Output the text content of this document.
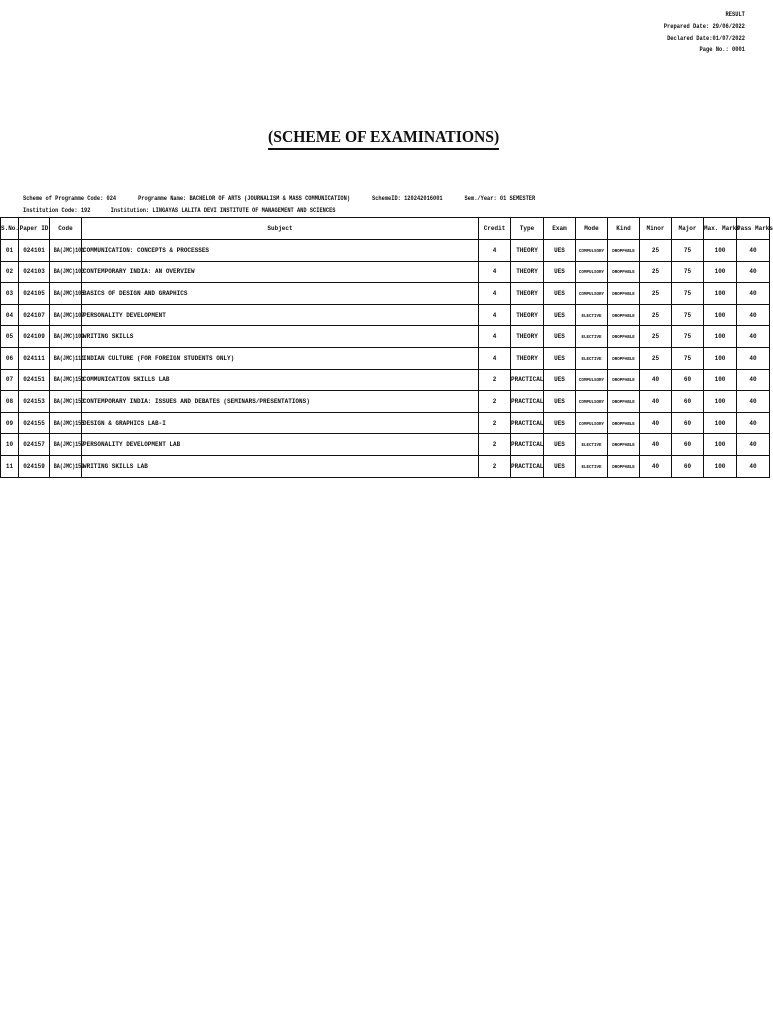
RESULT
Prepared Date: 29/06/2022
Declared Date:01/07/2022
Page No.: 0001
(SCHEME OF EXAMINATIONS)
Scheme of Programme Code: 024	Programme Name: BACHELOR OF ARTS (JOURNALISM & MASS COMMUNICATION)	SchemeID: 120242016001	Sem./Year: 01 SEMESTER
Institution Code: 192	Institution: LINGAYAS LALITA DEVI INSTITUTE OF MANAGEMENT AND SCIENCES
S.No.	Paper ID	Code	Subject	Credit	Type	Exam	Mode	Kind	Minor	Major	Max. Marks	Pass Marks
01	024101	BA(JMC)101	COMMUNICATION: CONCEPTS & PROCESSES	4	THEORY	UES	COMPULSORY	DROPPABLE	25	75	100	40
02	024103	BA(JMC)103	CONTEMPORARY INDIA: AN OVERVIEW	4	THEORY	UES	COMPULSORY	DROPPABLE	25	75	100	40
03	024105	BA(JMC)105	BASICS OF DESIGN AND GRAPHICS	4	THEORY	UES	COMPULSORY	DROPPABLE	25	75	100	40
04	024107	BA(JMC)107	PERSONALITY DEVELOPMENT	4	THEORY	UES	ELECTIVE	DROPPABLE	25	75	100	40
05	024109	BA(JMC)109	WRITING SKILLS	4	THEORY	UES	ELECTIVE	DROPPABLE	25	75	100	40
06	024111	BA(JMC)111	INDIAN CULTURE (FOR FOREIGN STUDENTS ONLY)	4	THEORY	UES	ELECTIVE	DROPPABLE	25	75	100	40
07	024151	BA(JMC)151	COMMUNICATION SKILLS LAB	2	PRACTICAL	UES	COMPULSORY	DROPPABLE	40	60	100	40
08	024153	BA(JMC)153	CONTEMPORARY INDIA: ISSUES AND DEBATES (SEMINARS/PRESENTATIONS)	2	PRACTICAL	UES	COMPULSORY	DROPPABLE	40	60	100	40
09	024155	BA(JMC)155	DESIGN & GRAPHICS LAB-I	2	PRACTICAL	UES	COMPULSORY	DROPPABLE	40	60	100	40
10	024157	BA(JMC)157	PERSONALITY DEVELOPMENT LAB	2	PRACTICAL	UES	ELECTIVE	DROPPABLE	40	60	100	40
11	024159	BA(JMC)159	WRITING SKILLS LAB	2	PRACTICAL	UES	ELECTIVE	DROPPABLE	40	60	100	40
